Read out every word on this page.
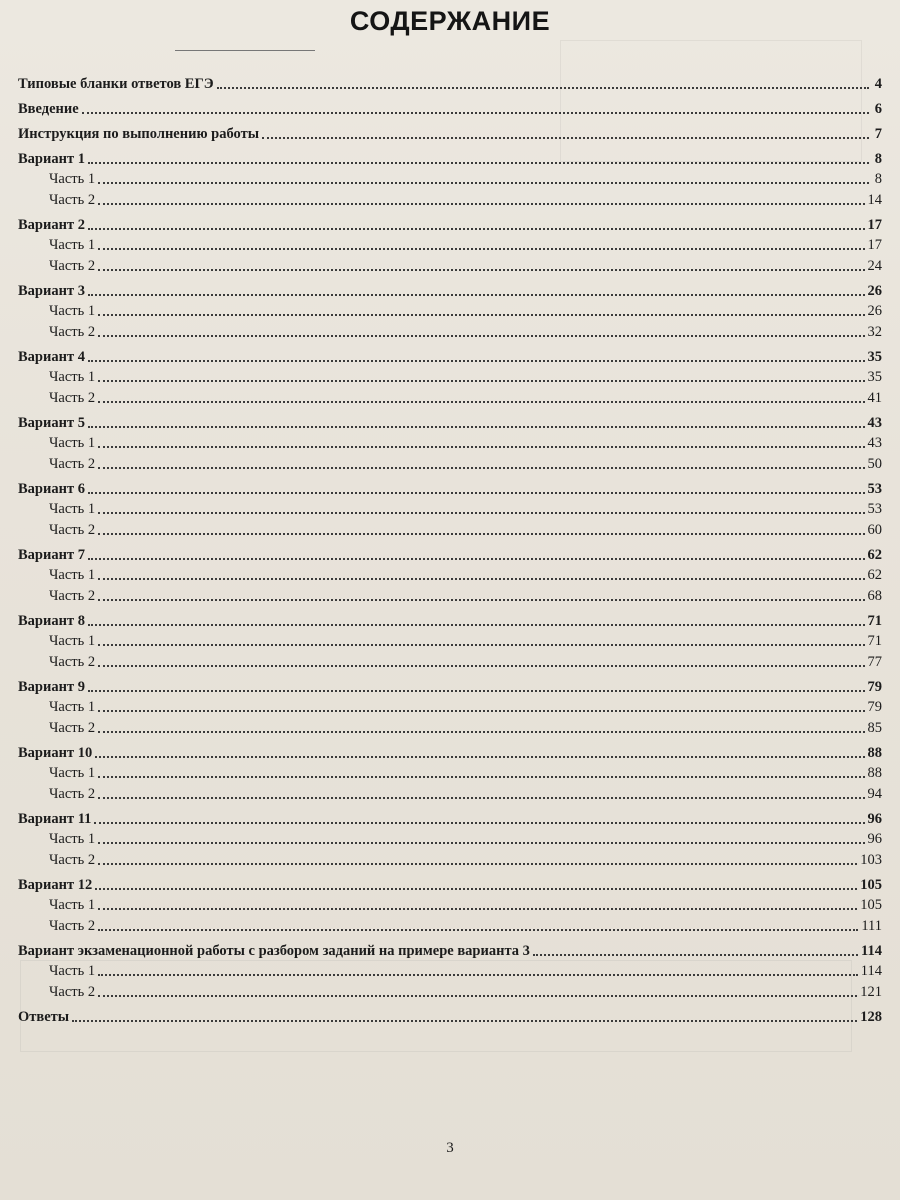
СОДЕРЖАНИЕ
Типовые бланки ответов ЕГЭ	4
Введение	6
Инструкция по выполнению работы	7
Вариант 1	8
Часть 1	8
Часть 2	14
Вариант 2	17
Часть 1	17
Часть 2	24
Вариант 3	26
Часть 1	26
Часть 2	32
Вариант 4	35
Часть 1	35
Часть 2	41
Вариант 5	43
Часть 1	43
Часть 2	50
Вариант 6	53
Часть 1	53
Часть 2	60
Вариант 7	62
Часть 1	62
Часть 2	68
Вариант 8	71
Часть 1	71
Часть 2	77
Вариант 9	79
Часть 1	79
Часть 2	85
Вариант 10	88
Часть 1	88
Часть 2	94
Вариант 11	96
Часть 1	96
Часть 2	103
Вариант 12	105
Часть 1	105
Часть 2	111
Вариант экзаменационной работы с разбором заданий на примере варианта 3	114
Часть 1	114
Часть 2	121
Ответы	128
3
